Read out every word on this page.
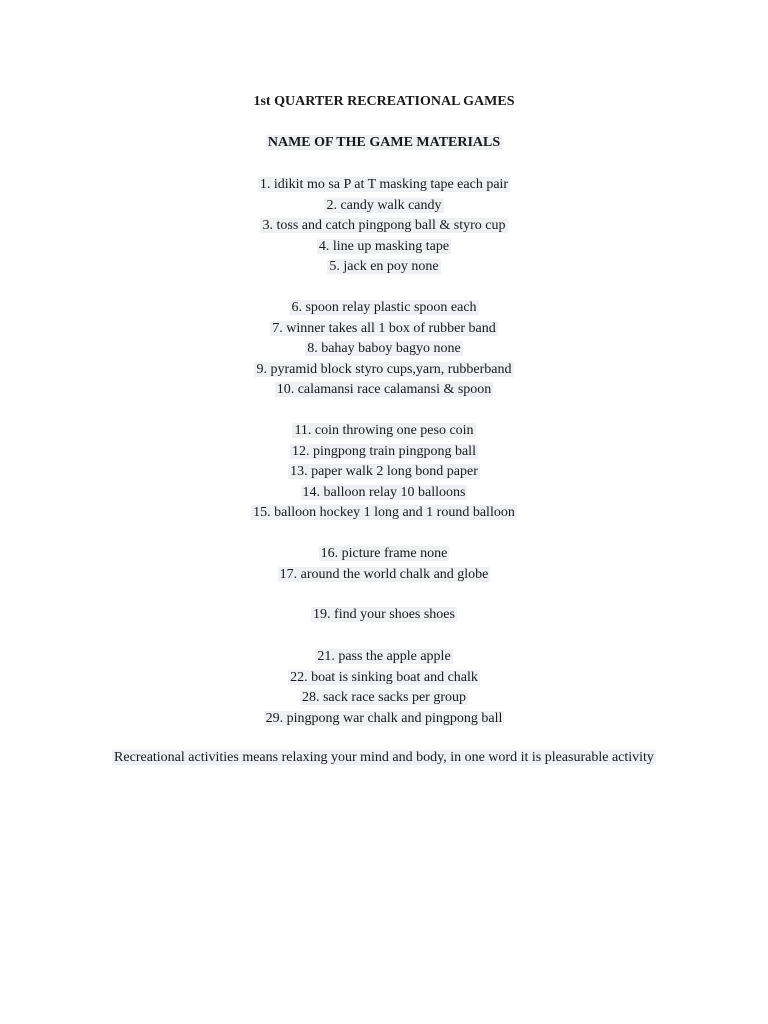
1st QUARTER RECREATIONAL GAMES
NAME OF THE GAME MATERIALS
1. idikit mo sa P at T masking tape each pair
2. candy walk candy
3. toss and catch pingpong ball & styro cup
4. line up masking tape
5. jack en poy none
6. spoon relay plastic spoon each
7. winner takes all 1 box of rubber band
8. bahay baboy bagyo none
9. pyramid block styro cups,yarn, rubberband
10. calamansi race calamansi & spoon
11. coin throwing one peso coin
12. pingpong train pingpong ball
13. paper walk 2 long bond paper
14. balloon relay 10 balloons
15. balloon hockey 1 long and 1 round balloon
16. picture frame none
17. around the world chalk and globe
19. find your shoes shoes
21. pass the apple apple
22. boat is sinking boat and chalk
28. sack race sacks per group
29. pingpong war chalk and pingpong ball
Recreational activities means relaxing your mind and body, in one word it is pleasurable activity
